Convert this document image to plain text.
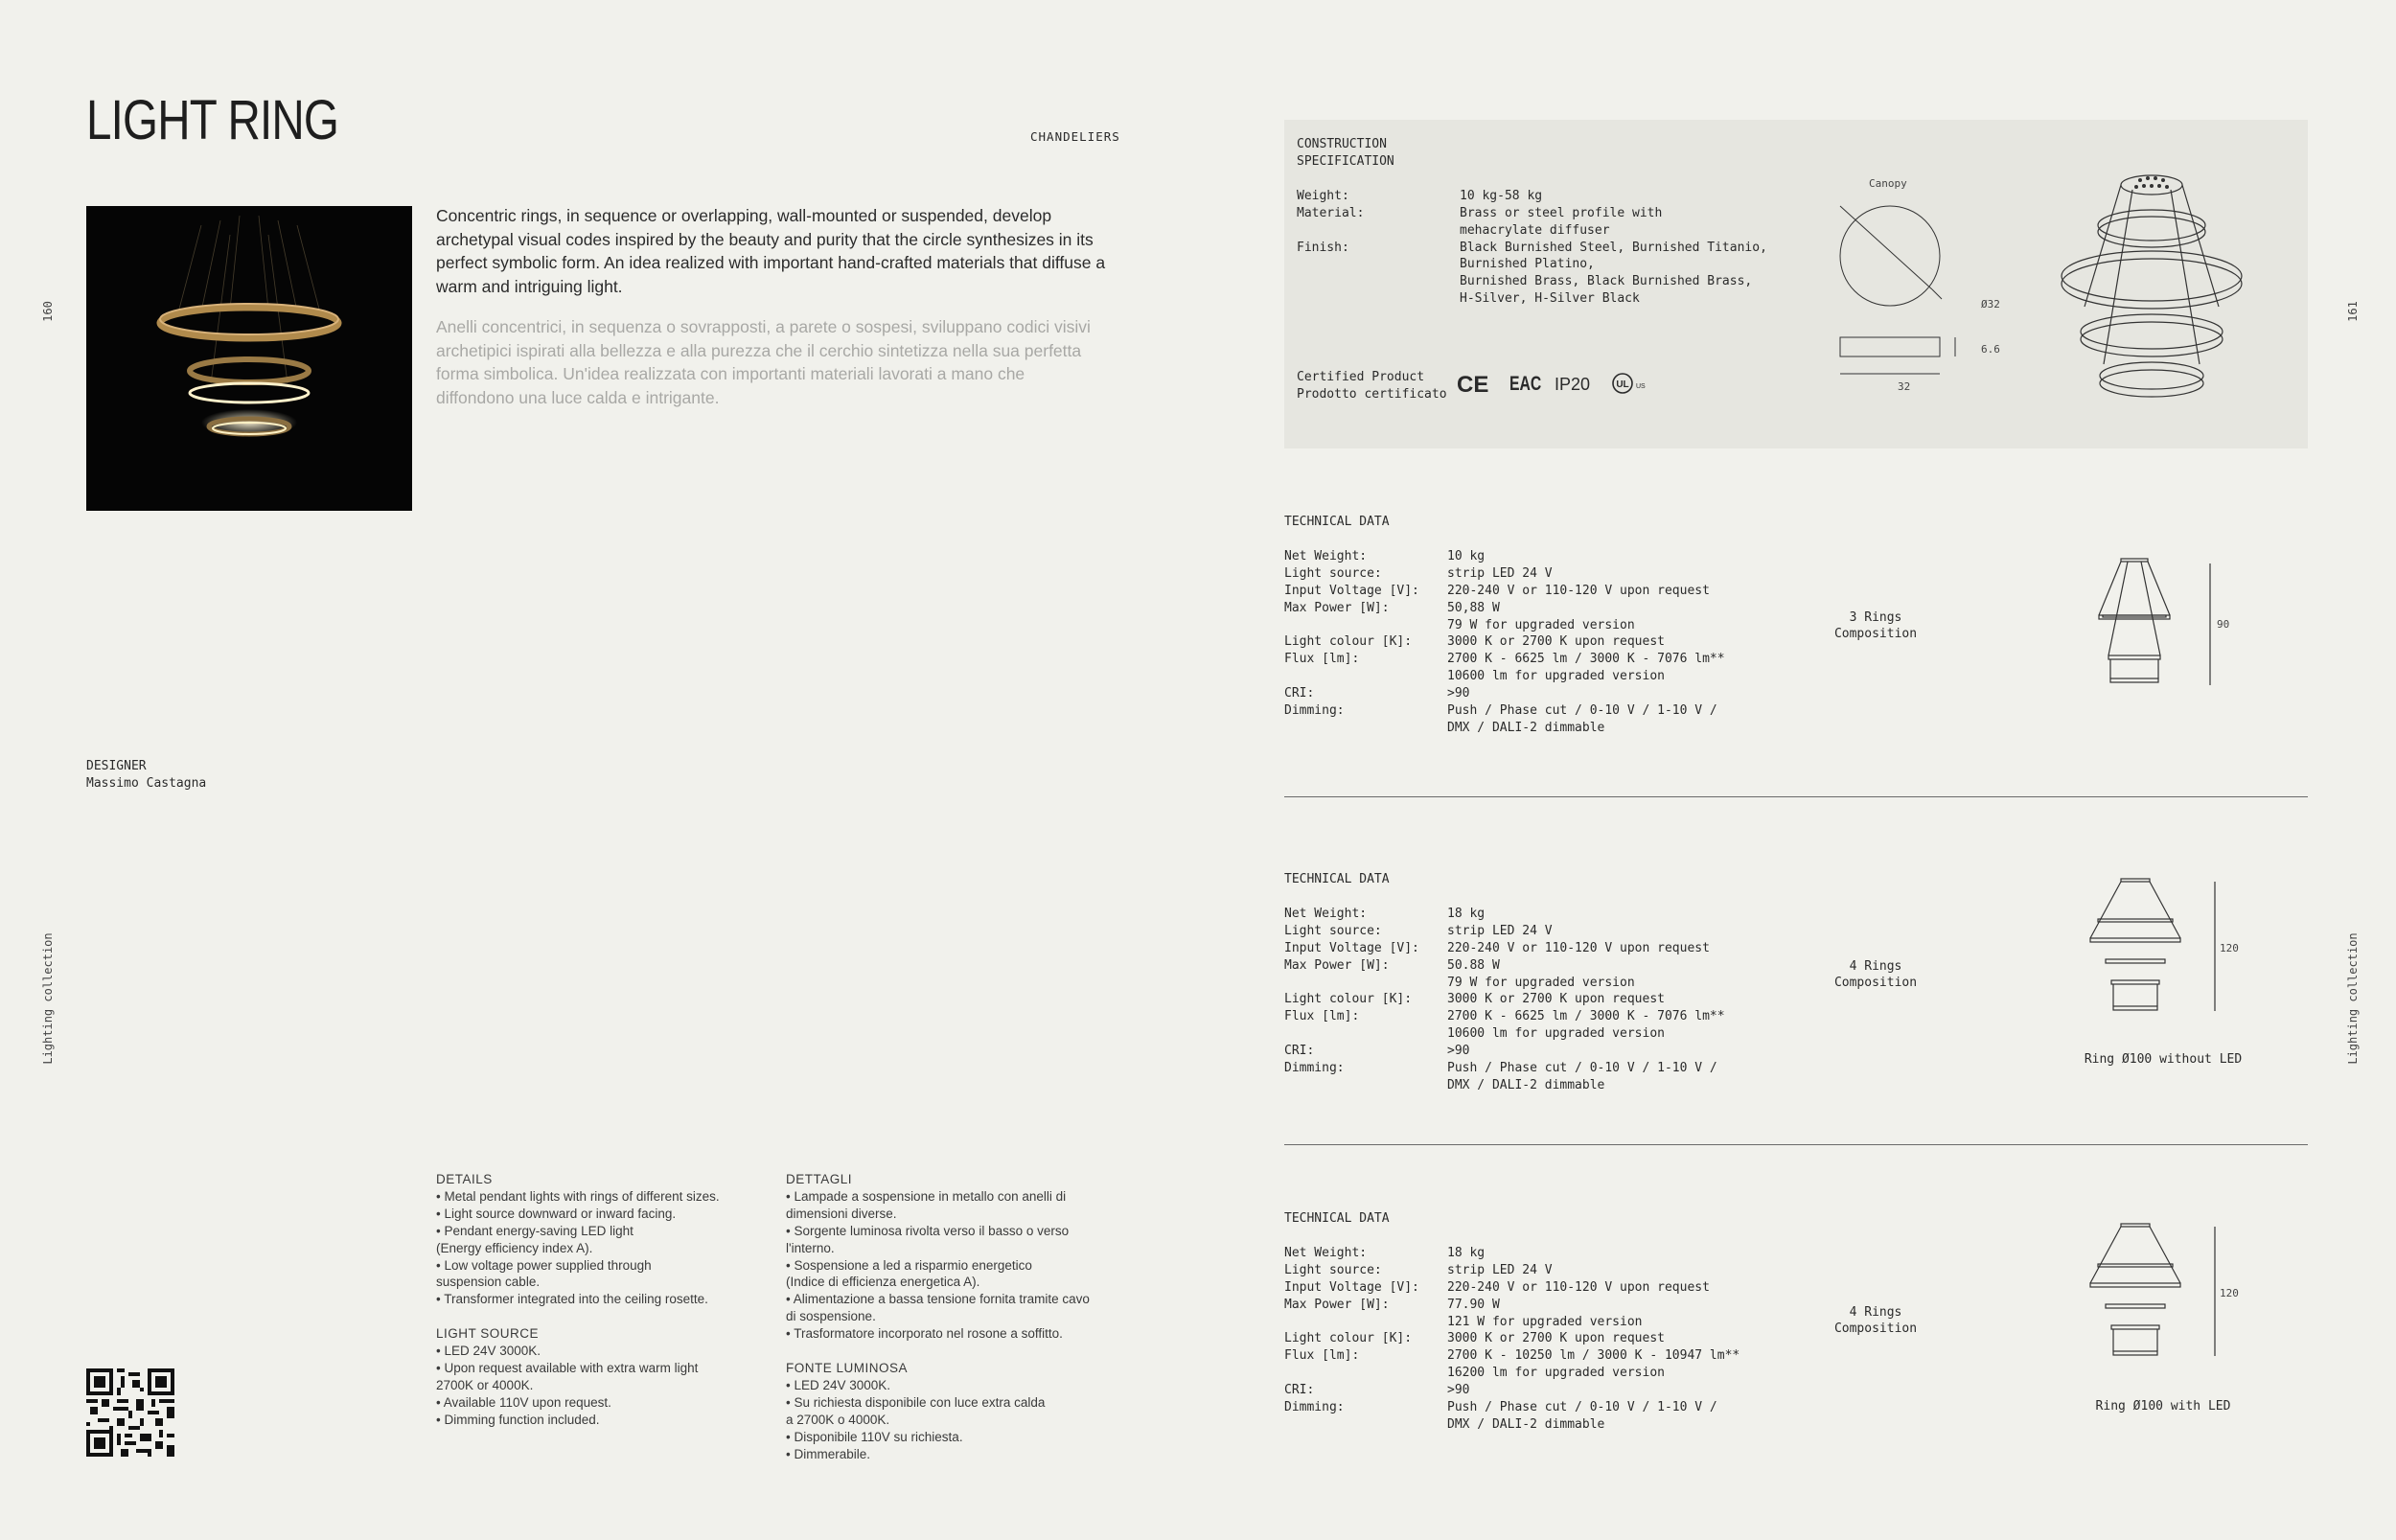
LIGHT RING	CHANDELIERS
160
Lighting collection
Concentric rings, in sequence or overlapping, wall-mounted or suspended, develop archetypal visual codes inspired by the beauty and purity that the circle synthesizes in its perfect symbolic form. An idea realized with important hand-crafted materials that diffuse a warm and intriguing light.
Anelli concentrici, in sequenza o sovrapposti, a parete o sospesi, sviluppano codici visivi archetipici ispirati alla bellezza e alla purezza che il cerchio sintetizza nella sua perfetta forma simbolica. Un'idea realizzata con importanti materiali lavorati a mano che diffondono una luce calda e intrigante.
DESIGNER
Massimo Castagna
DETAILS
• Metal pendant lights with rings of different sizes.
• Light source downward or inward facing.
• Pendant energy-saving LED light
(Energy efficiency index A).
• Low voltage power supplied through
suspension cable.
• Transformer integrated into the ceiling rosette.
LIGHT SOURCE
• LED 24V 3000K.
• Upon request available with extra warm light
2700K or 4000K.
• Available 110V upon request.
• Dimming function included.
DETTAGLI
• Lampade a sospensione in metallo con anelli di
dimensioni diverse.
• Sorgente luminosa rivolta verso il basso o verso
l'interno.
• Sospensione a led a risparmio energetico
(Indice di efficienza energetica A).
• Alimentazione a bassa tensione fornita tramite cavo
di sospensione.
• Trasformatore incorporato nel rosone a soffitto.
FONTE LUMINOSA
• LED 24V 3000K.
• Su richiesta disponibile con luce extra calda
a 2700K o 4000K.
• Disponibile 110V su richiesta.
• Dimmerabile.
161
Lighting collection
CONSTRUCTION
SPECIFICATION
Weight:	10 kg-58 kg
Material:	Brass or steel profile with
mehacrylate diffuser
Finish:	Black Burnished Steel, Burnished Titanio,
Burnished Platino,
Burnished Brass, Black Burnished Brass,
H-Silver, H-Silver Black
Certified Product
Prodotto certificato CE EAC IP20	UL US
Canopy
Ø32
6.6
32
TECHNICAL DATA
Net Weight:	10 kg
Light source:	strip LED 24 V
Input Voltage [V]:	220-240 V or 110-120 V upon request
Max Power [W]:	50,88 W
79 W for upgraded version
Light colour [K]:	3000 K or 2700 K upon request
Flux [lm]:	2700 K - 6625 lm / 3000 K - 7076 lm**
10600 lm for upgraded version
CRI:	>90
Dimming:	Push / Phase cut / 0-10 V / 1-10 V /
DMX / DALI-2 dimmable
3 Rings
Composition
90
TECHNICAL DATA
Net Weight:	18 kg
Light source:	strip LED 24 V
Input Voltage [V]:	220-240 V or 110-120 V upon request
Max Power [W]:	50.88 W
79 W for upgraded version
Light colour [K]:	3000 K or 2700 K upon request
Flux [lm]:	2700 K - 6625 lm / 3000 K - 7076 lm**
10600 lm for upgraded version
CRI:	>90
Dimming:	Push / Phase cut / 0-10 V / 1-10 V /
DMX / DALI-2 dimmable
4 Rings
Composition
120
Ring Ø100 without LED
TECHNICAL DATA
Net Weight:	18 kg
Light source:	strip LED 24 V
Input Voltage [V]:	220-240 V or 110-120 V upon request
Max Power [W]:	77.90 W
121 W for upgraded version
Light colour [K]:	3000 K or 2700 K upon request
Flux [lm]:	2700 K - 10250 lm / 3000 K - 10947 lm**
16200 lm for upgraded version
CRI:	>90
Dimming:	Push / Phase cut / 0-10 V / 1-10 V /
DMX / DALI-2 dimmable
4 Rings
Composition
120
Ring Ø100 with LED
